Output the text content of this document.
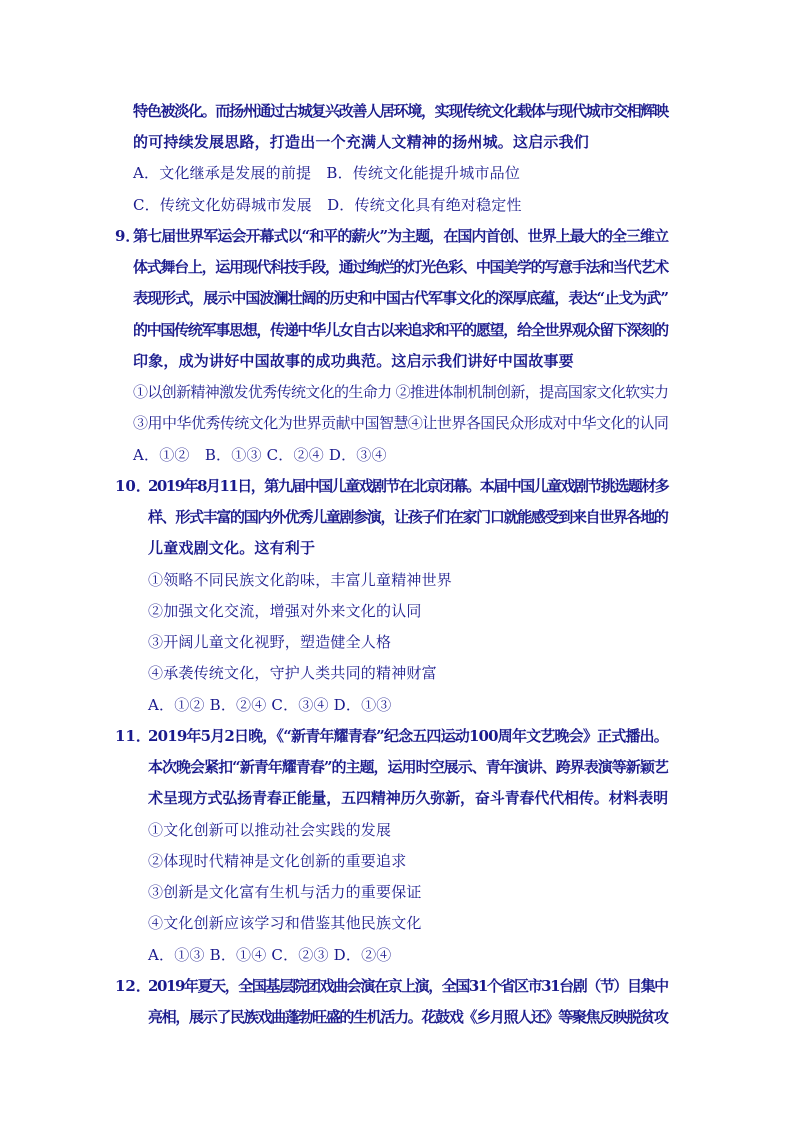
特色被淡化。而扬州通过古城复兴改善人居环境，实现传统文化载体与现代城市交相辉映
的可持续发展思路，打造出一个充满人文精神的扬州城。这启示我们
A．文化继承是发展的前提　B．传统文化能提升城市品位
C．传统文化妨碍城市发展　D．传统文化具有绝对稳定性
9．
第七届世界军运会开幕式以“和平的薪火”为主题，在国内首创、世界上最大的全三维立
体式舞台上，运用现代科技手段，通过绚烂的灯光色彩、中国美学的写意手法和当代艺术
表现形式，展示中国波澜壮阔的历史和中国古代军事文化的深厚底蕴，表达“止戈为武”
的中国传统军事思想，传递中华儿女自古以来追求和平的愿望，给全世界观众留下深刻的
印象，成为讲好中国故事的成功典范。这启示我们讲好中国故事要
①以创新精神激发优秀传统文化的生命力 ②推进体制机制创新，提高国家文化软实力
③用中华优秀传统文化为世界贡献中国智慧④让世界各国民众形成对中华文化的认同
A．①②　B．①③ C．②④ D．③④
10．
2019年8月11日，第九届中国儿童戏剧节在北京闭幕。本届中国儿童戏剧节挑选题材多
样、形式丰富的国内外优秀儿童剧参演，让孩子们在家门口就能感受到来自世界各地的
儿童戏剧文化。这有利于
①领略不同民族文化韵味，丰富儿童精神世界
②加强文化交流，增强对外来文化的认同
③开阔儿童文化视野，塑造健全人格
④承袭传统文化，守护人类共同的精神财富
A．①② B．②④ C．③④ D．①③
11．
2019年5月2日晚，《“新青年耀青春”纪念五四运动100周年文艺晚会》正式播出。
本次晚会紧扣“新青年耀青春”的主题，运用时空展示、青年演讲、跨界表演等新颖艺
术呈现方式弘扬青春正能量，五四精神历久弥新，奋斗青春代代相传。材料表明
①文化创新可以推动社会实践的发展
②体现时代精神是文化创新的重要追求
③创新是文化富有生机与活力的重要保证
④文化创新应该学习和借鉴其他民族文化
A．①③ B．①④ C．②③ D．②④
12．
2019年夏天，全国基层院团戏曲会演在京上演，全国31个省区市31台剧（节）目集中
亮相，展示了民族戏曲蓬勃旺盛的生机活力。花鼓戏《乡月照人还》等聚焦反映脱贫攻
